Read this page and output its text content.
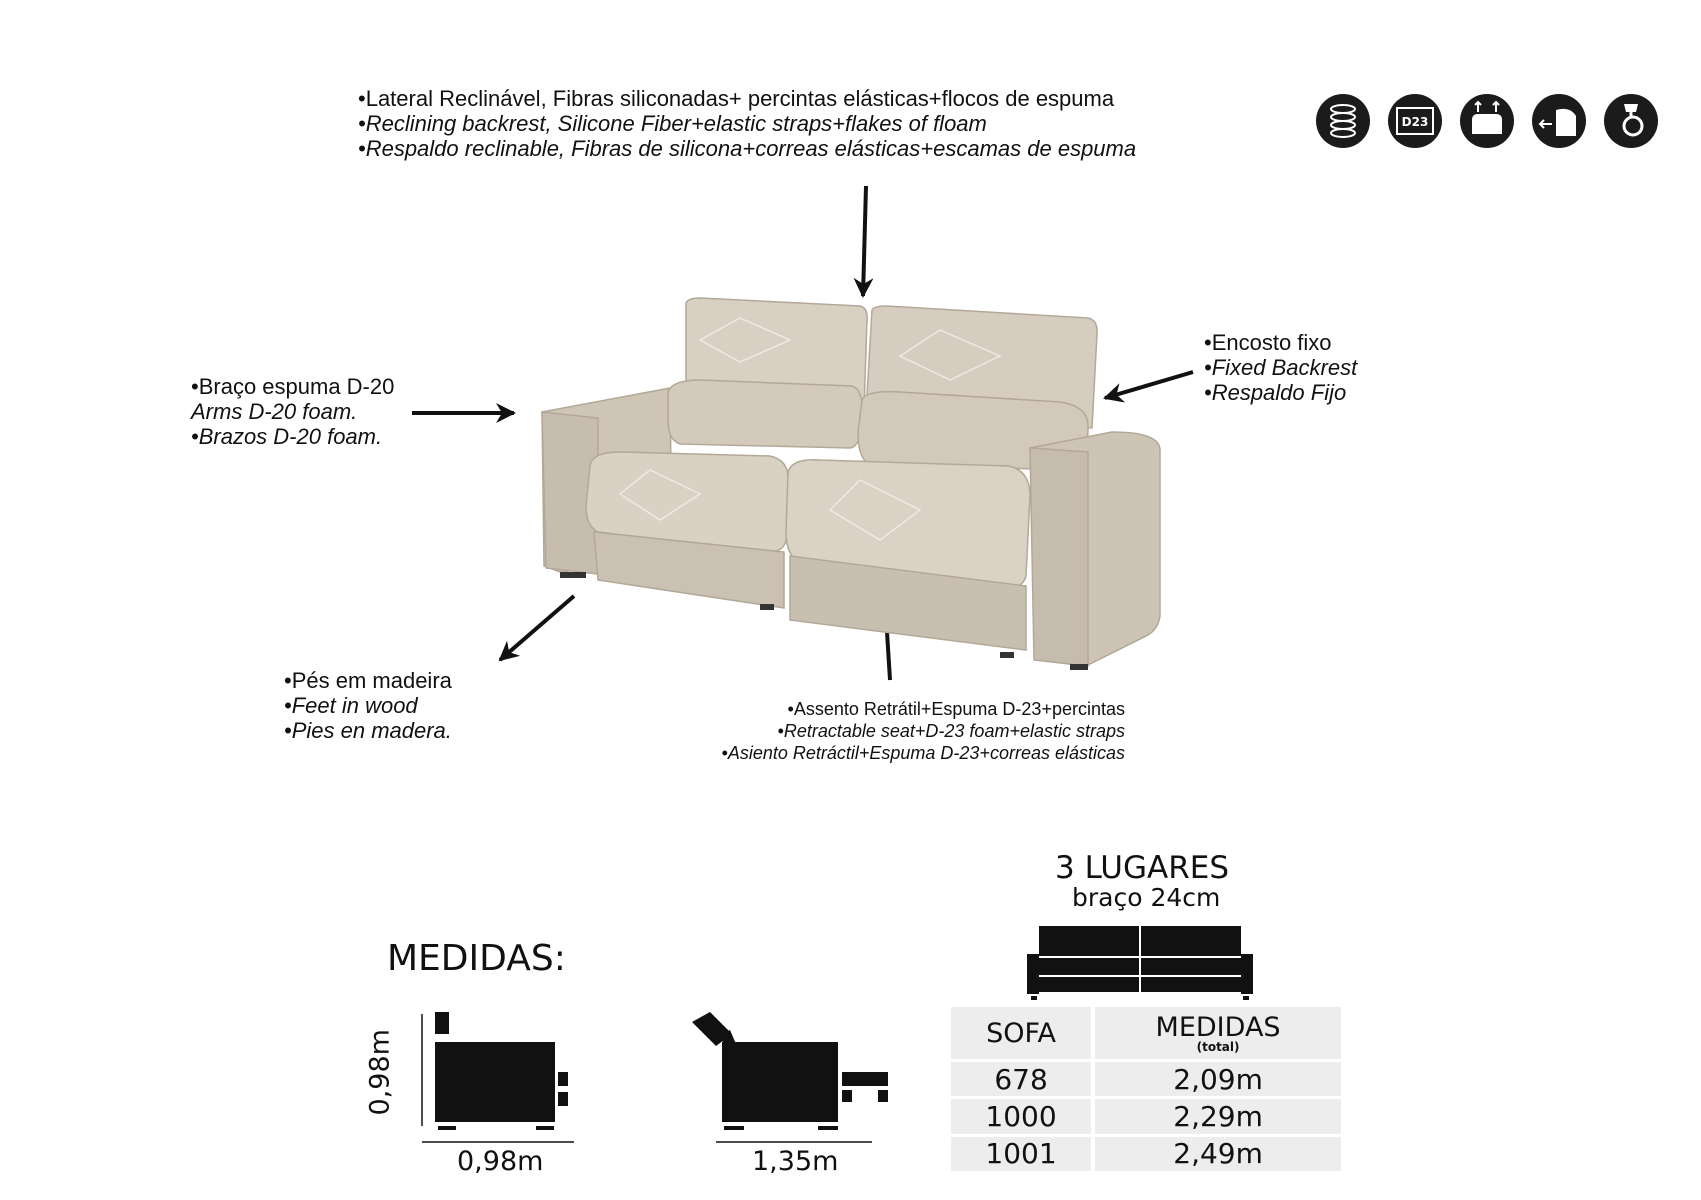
•Lateral Reclinável, Fibras siliconadas+ percintas elásticas+flocos de espuma
•Reclining backrest, Silicone Fiber+elastic straps+flakes of floam
•Respaldo reclinable, Fibras de silicona+correas elásticas+escamas de espuma
•Encosto fixo
•Fixed Backrest
•Respaldo Fijo
•Braço espuma D-20
Arms D-20 foam.
•Brazos D-20 foam.
•Pés em madeira
•Feet in wood
•Pies en madera.
•Assento Retrátil+Espuma D-23+percintas
•Retractable seat+D-23 foam+elastic straps
•Asiento Retráctil+Espuma D-23+correas elásticas
D23
MEDIDAS:
0,98m
0,98m	1,35m
3 LUGARES
braço 24cm
SOFA	MEDIDAS
(total)

678	2,09m
1000	2,29m
1001	2,49m
